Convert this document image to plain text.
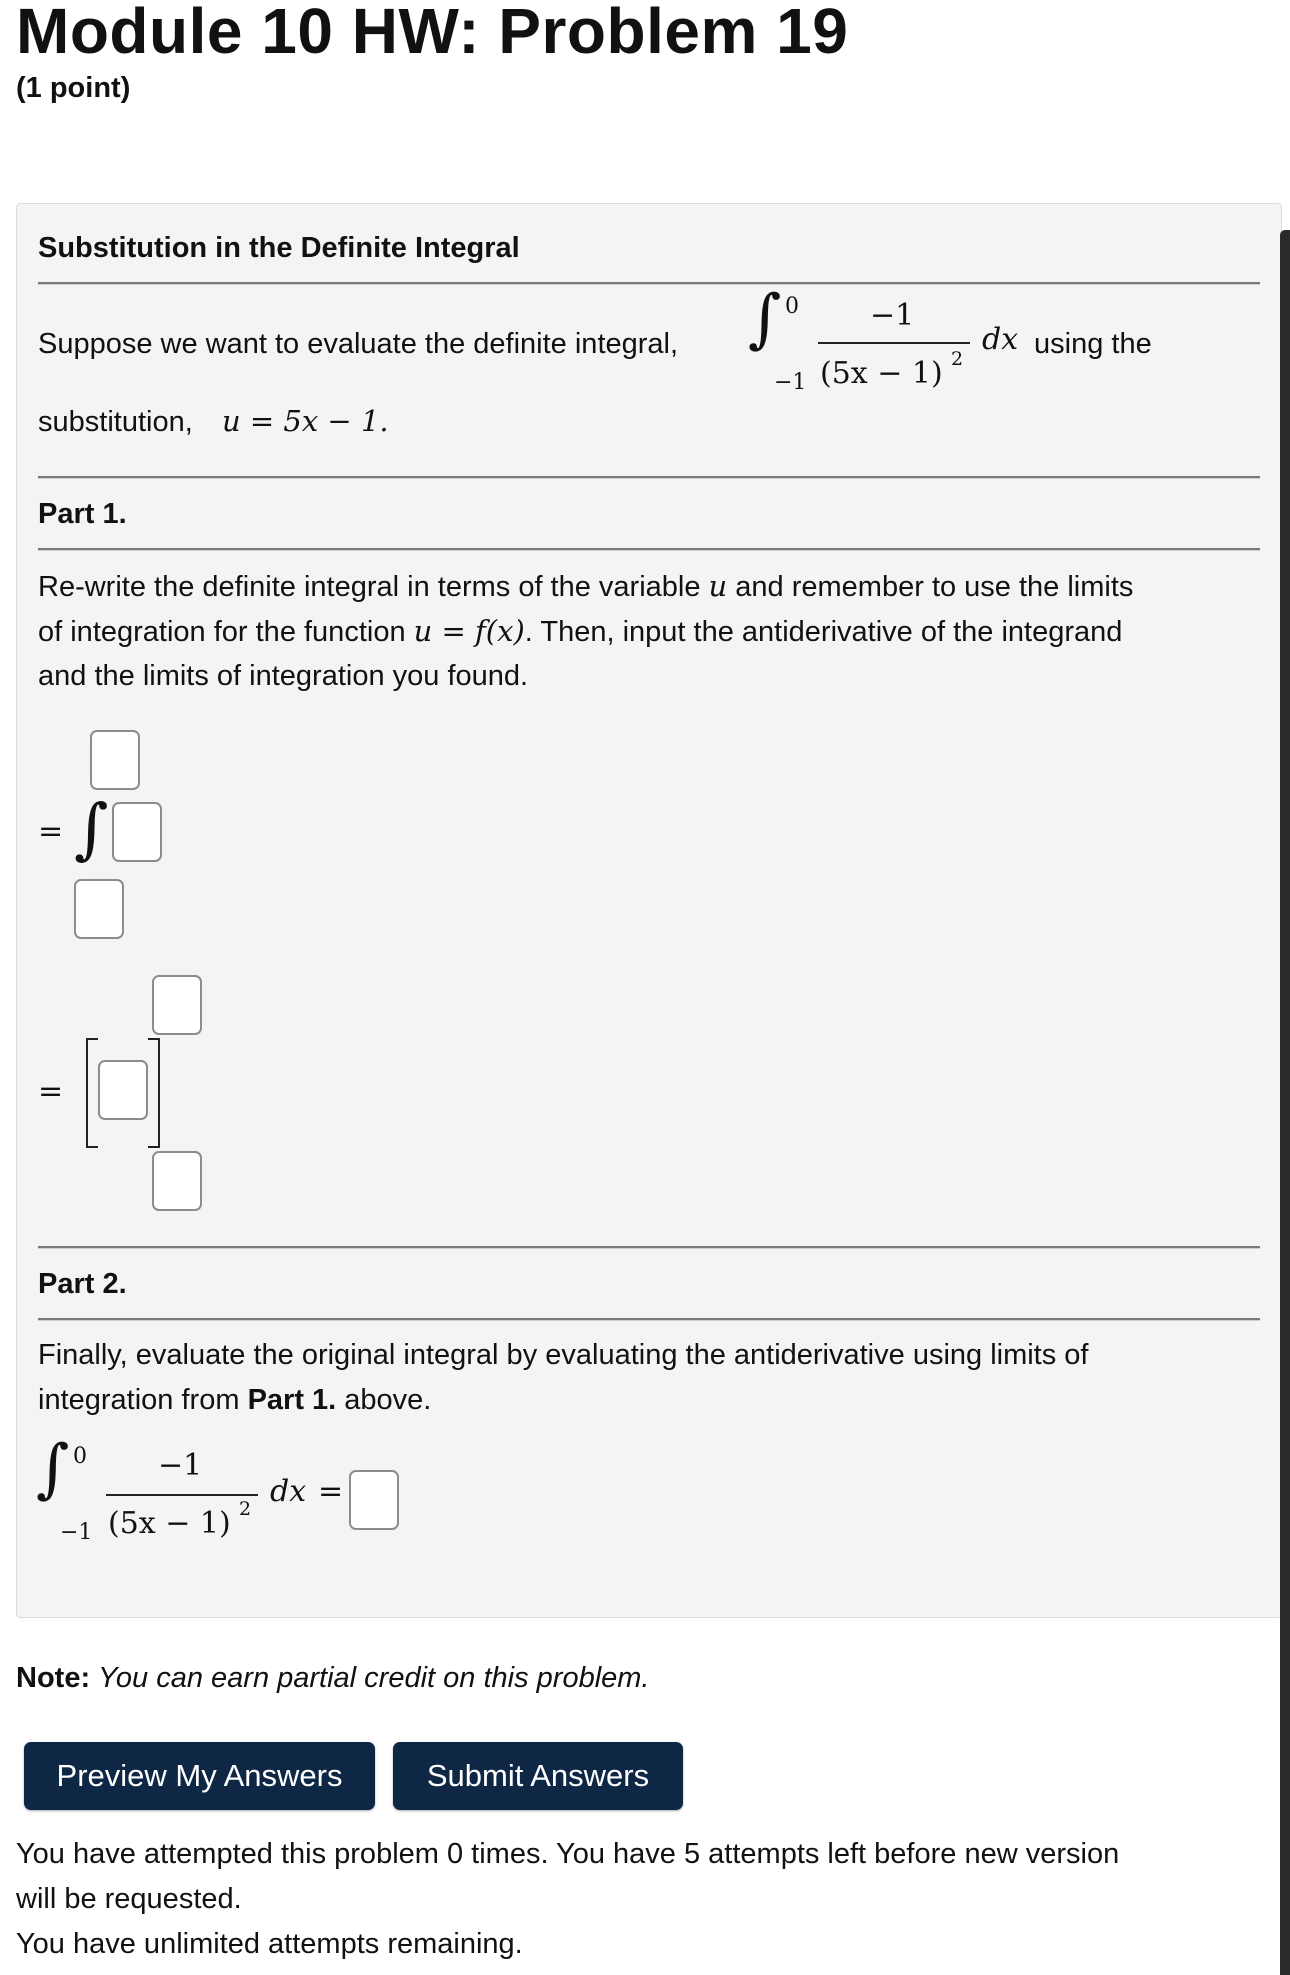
Module 10 HW: Problem 19
(1 point)
Substitution in the Definite Integral
Suppose we want to evaluate the definite integral, ∫ 0
−1
−1
(5x − 1) 2
dx using the
substitution, u = 5x − 1.
Part 1.
Re-write the definite integral in terms of the variable u and remember to use the limits
of integration for the function u = f(x). Then, input the antiderivative of the integrand
and the limits of integration you found.
= ∫
=
Part 2.
Finally, evaluate the original integral by evaluating the antiderivative using limits of
integration from Part 1. above.
∫ 0
−1
−1
(5x − 1) 2 dx =
Note: You can earn partial credit on this problem.
Preview My Answers	Submit Answers
You have attempted this problem 0 times. You have 5 attempts left before new version
will be requested.
You have unlimited attempts remaining.
